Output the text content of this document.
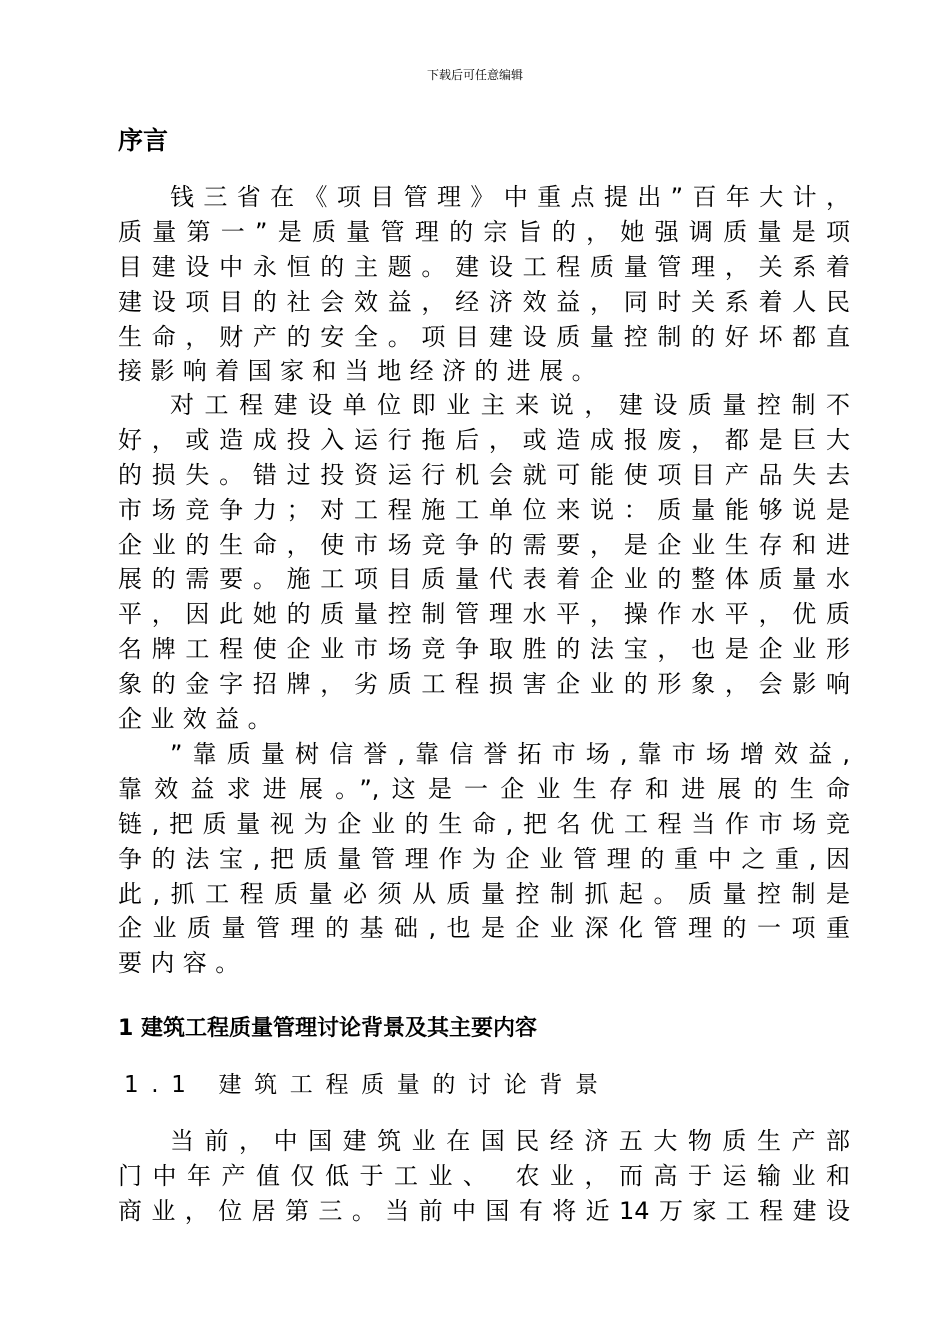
下载后可任意编辑
序言
钱三省在《项目管理》中重点提出”百年大计，
质量第一”是质量管理的宗旨的，她强调质量是项
目建设中永恒的主题。建设工程质量管理，关系着
建设项目的社会效益，经济效益，同时关系着人民
生命，财产的安全。项目建设质量控制的好坏都直
接影响着国家和当地经济的进展。
对工程建设单位即业主来说，建设质量控制不
好，或造成投入运行拖后，或造成报废，都是巨大
的损失。错过投资运行机会就可能使项目产品失去
市场竞争力；对工程施工单位来说：质量能够说是
企业的生命，使市场竞争的需要，是企业生存和进
展的需要。施工项目质量代表着企业的整体质量水
平，因此她的质量控制管理水平，操作水平，优质
名牌工程使企业市场竞争取胜的法宝，也是企业形
象的金字招牌，劣质工程损害企业的形象，会影响
企业效益。
”靠质量树信誉,靠信誉拓市场,靠市场增效益,
靠效益求进展。”,这是一企业生存和进展的生命
链,把质量视为企业的生命,把名优工程当作市场竞
争的法宝,把质量管理作为企业管理的重中之重,因
此,抓工程质量必须从质量控制抓起。质量控制是
企业质量管理的基础,也是企业深化管理的一项重
要内容。
1 建筑工程质量管理讨论背景及其主要内容
1.1 建筑工程质量的讨论背景
当前，中国建筑业在国民经济五大物质生产部
门中年产值仅低于工业、 农业，而高于运输业和
商业，位居第三。当前中国有将近14万家工程建设
